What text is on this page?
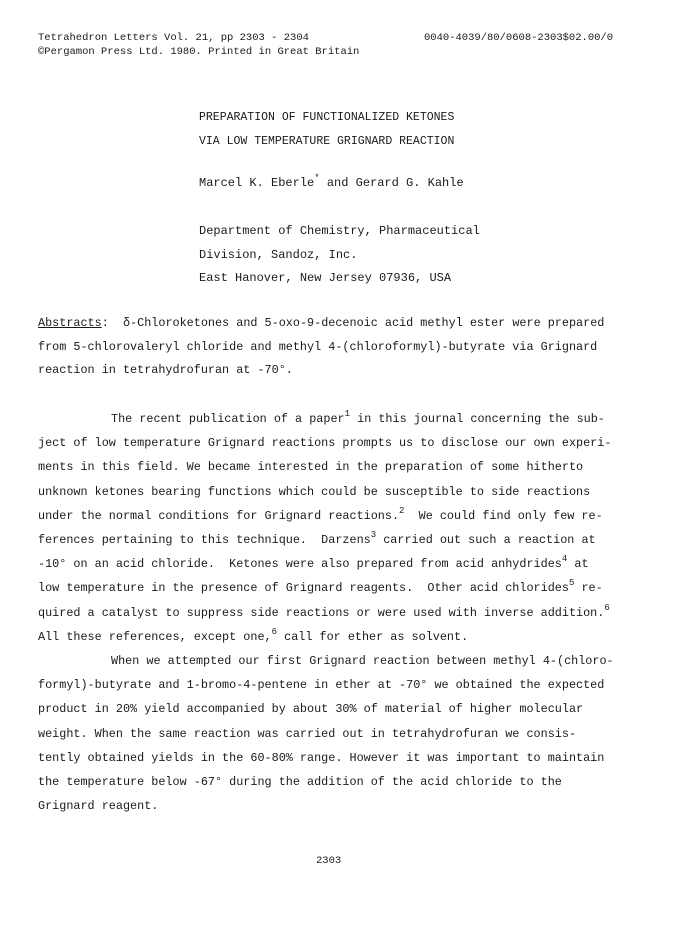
Tetrahedron Letters Vol. 21, pp 2303 - 2304
©Pergamon Press Ltd. 1980. Printed in Great Britain
0040-4039/80/0608-2303$02.00/0
PREPARATION OF FUNCTIONALIZED KETONES
VIA LOW TEMPERATURE GRIGNARD REACTION
Marcel K. Eberle* and Gerard G. Kahle
Department of Chemistry, Pharmaceutical
Division, Sandoz, Inc.
East Hanover, New Jersey 07936, USA
Abstracts:  δ-Chloroketones and 5-oxo-9-decenoic acid methyl ester were prepared
from 5-chlorovaleryl chloride and methyl 4-(chloroformyl)-butyrate via Grignard
reaction in tetrahydrofuran at -70°.
The recent publication of a paper$^1$ in this journal concerning the sub-
ject of low temperature Grignard reactions prompts us to disclose our own experi-
ments in this field. We became interested in the preparation of some hitherto
unknown ketones bearing functions which could be susceptible to side reactions
under the normal conditions for Grignard reactions.$^2$  We could find only few re-
ferences pertaining to this technique.  Darzens$^3$ carried out such a reaction at
-10° on an acid chloride.  Ketones were also prepared from acid anhydrides$^4$ at
low temperature in the presence of Grignard reagents.  Other acid chlorides$^5$ re-
quired a catalyst to suppress side reactions or were used with inverse addition.$^6$
All these references, except one,$^6$ call for ether as solvent.
When we attempted our first Grignard reaction between methyl 4-(chloro-
formyl)-butyrate and 1-bromo-4-pentene in ether at -70° we obtained the expected
product in 20% yield accompanied by about 30% of material of higher molecular
weight. When the same reaction was carried out in tetrahydrofuran we consis-
tently obtained yields in the 60-80% range. However it was important to maintain
the temperature below -67° during the addition of the acid chloride to the
Grignard reagent.
2303
